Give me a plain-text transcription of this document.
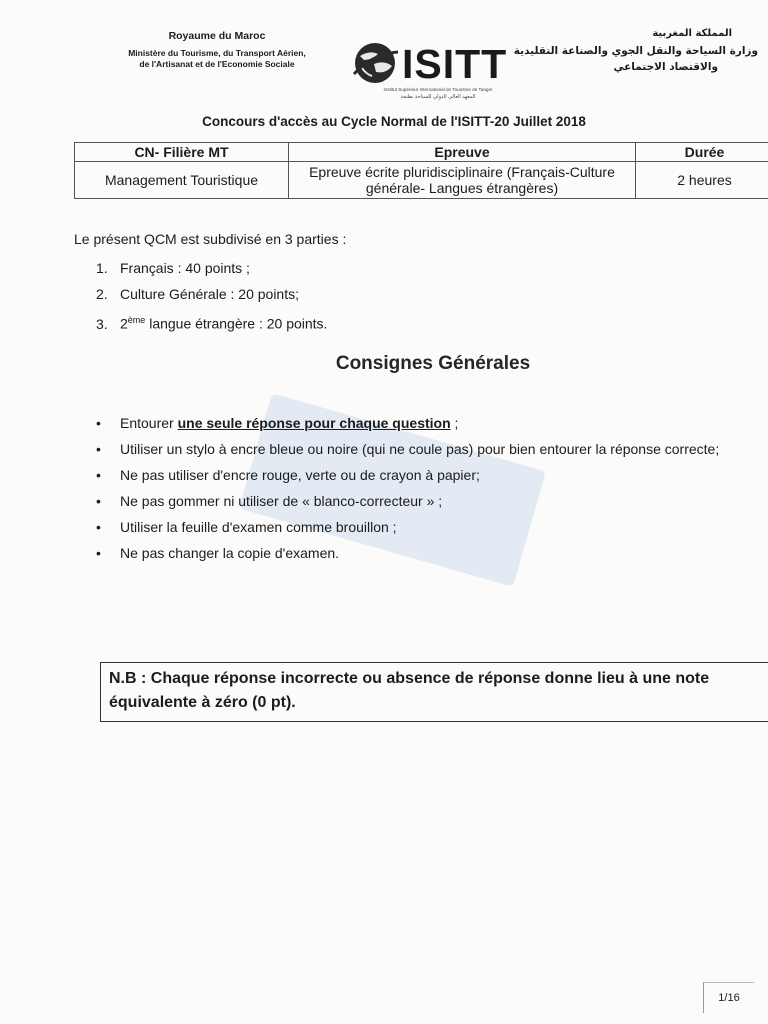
Royaume du Maroc
Ministère du Tourisme, du Transport Aérien,
de l'Artisanat et de l'Economie Sociale	ISITT
Institut Supérieur International de Tourisme de Tanger
المعهد العالي الدولي للسياحة بطنجة
المملكة المغربية
وزارة السياحة والنقل الجوي والصناعة التقليدية
والاقتصاد الاجتماعي
Concours d'accès au Cycle Normal de l'ISITT-20 Juillet 2018
CN- Filière MT	Epreuve	Durée
Management Touristique	Epreuve écrite pluridisciplinaire (Français-Culture générale- Langues étrangères)	2 heures
Le présent QCM est subdivisé en 3 parties :
1. Français : 40 points ;
2. Culture Générale : 20 points;
3. 2ème langue étrangère : 20 points.
Consignes Générales
• Entourer une seule réponse pour chaque question ;
• Utiliser un stylo à encre bleue ou noire (qui ne coule pas) pour bien entourer la réponse correcte;
• Ne pas utiliser d'encre rouge, verte ou de crayon à papier;
• Ne pas gommer ni utiliser de « blanco-correcteur » ;
• Utiliser la feuille d'examen comme brouillon ;
• Ne pas changer la copie d'examen.
N.B : Chaque réponse incorrecte ou absence de réponse donne lieu à une note équivalente à zéro (0 pt).
1/16
